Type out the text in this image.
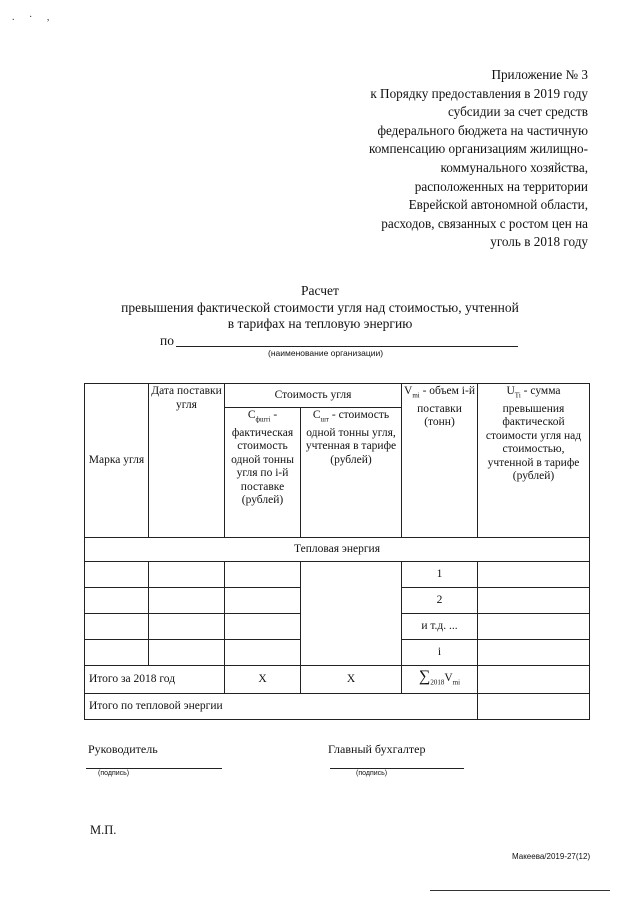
. · ,
Приложение № 3
к Порядку предоставления в 2019 году
субсидии за счет средств
федерального бюджета на частичную
компенсацию организациям жилищно-
коммунального хозяйства,
расположенных на территории
Еврейской автономной области,
расходов, связанных с ростом цен на
уголь в 2018 году
Расчет
превышения фактической стоимости угля над стоимостью, учтенной
в тарифах на тепловую энергию
по
(наименование организации)
Марка угля	Дата поставки угля	Стоимость угля		$V_{mi}$ - объем i-й поставки (тонн)	$U_{Ti}$ - сумма превышения фактической стоимости угля над стоимостью, учтенной в тарифе (рублей)
		$C_{фшті}$ - фактическая стоимость одной тонны угля по i-й поставке (рублей)	$C_{шт}$ - стоимость одной тонны угля, учтенная в тарифе (рублей)		
Тепловая энергия					
				1	
				2	
				и т.д. ...	
				i	
Итого за 2018 год		X	X	$\sum_{2018}V_{mi}$	
Итого по тепловой энергии					
Руководитель
(подпись)
Главный бухгалтер
(подпись)
М.П.
Макеева/2019-27(12)
